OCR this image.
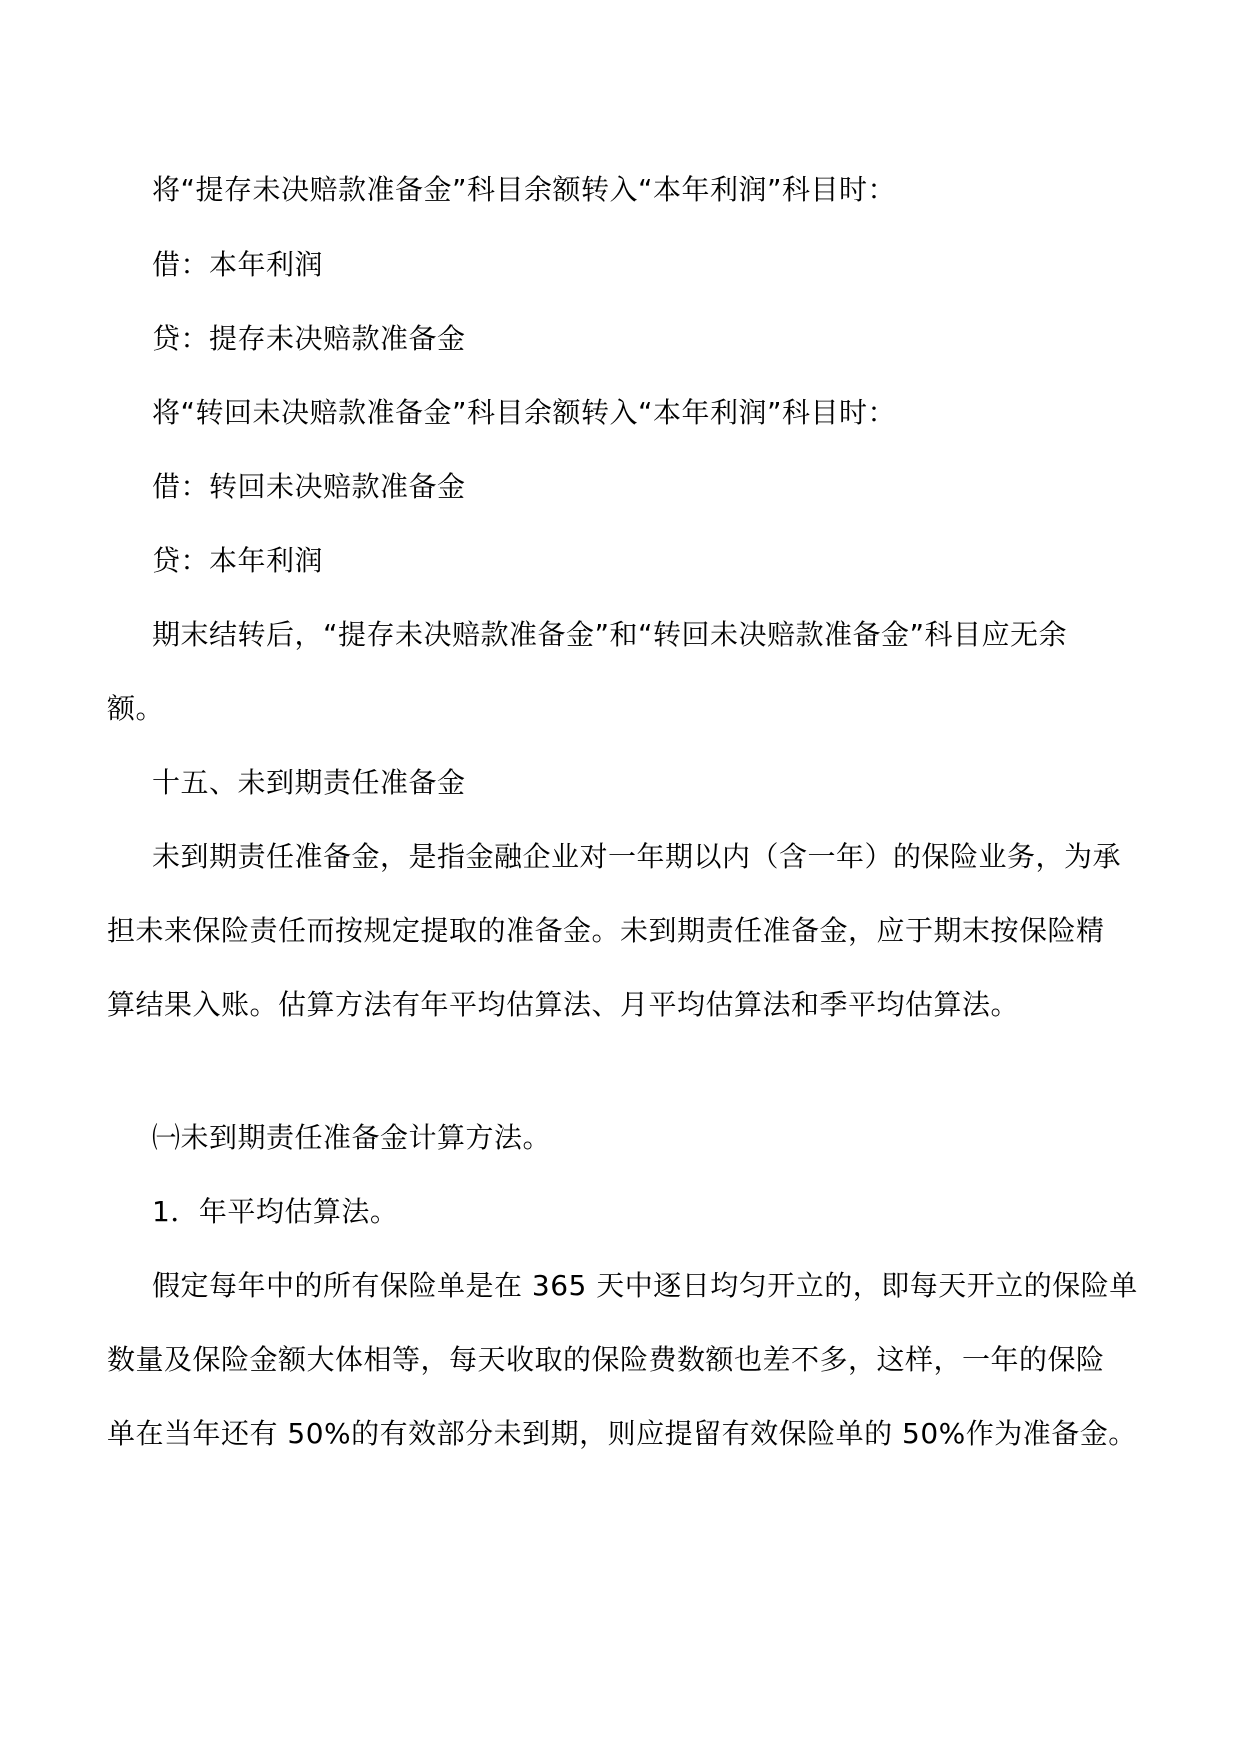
将“提存未决赔款准备金”科目余额转入“本年利润”科目时：
借：本年利润
贷：提存未决赔款准备金
将“转回未决赔款准备金”科目余额转入“本年利润”科目时：
借：转回未决赔款准备金
贷：本年利润
期末结转后，“提存未决赔款准备金”和“转回未决赔款准备金”科目应无余
额。
十五、未到期责任准备金
未到期责任准备金，是指金融企业对一年期以内（含一年）的保险业务，为承
担未来保险责任而按规定提取的准备金。未到期责任准备金，应于期末按保险精
算结果入账。估算方法有年平均估算法、月平均估算法和季平均估算法。
㈠未到期责任准备金计算方法。
1．年平均估算法。
假定每年中的所有保险单是在 365 天中逐日均匀开立的，即每天开立的保险单
数量及保险金额大体相等，每天收取的保险费数额也差不多，这样，一年的保险
单在当年还有 50%的有效部分未到期，则应提留有效保险单的 50%作为准备金。
